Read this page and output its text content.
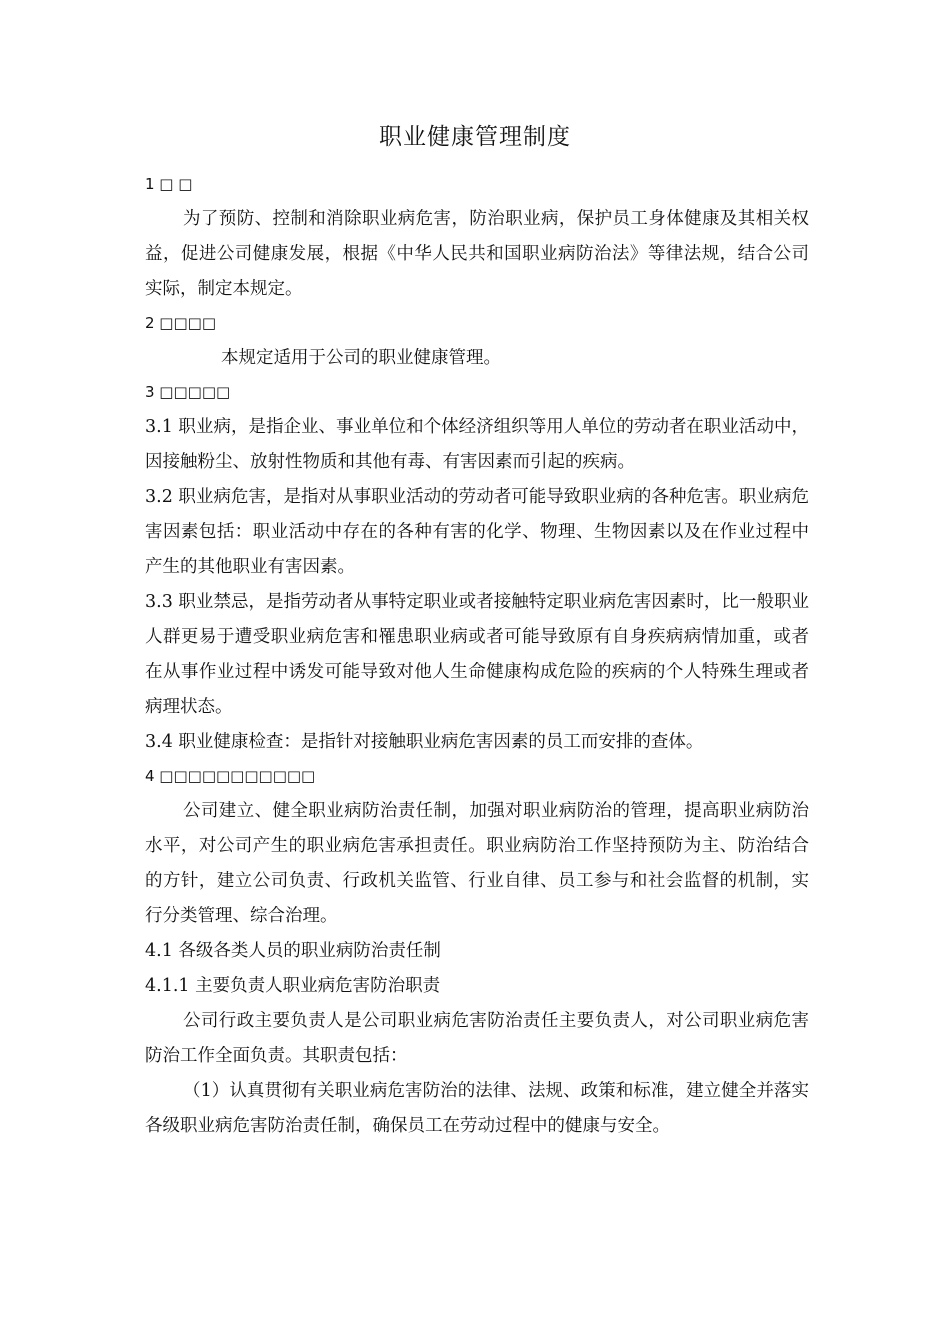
职业健康管理制度
1 □ □

为了预防、控制和消除职业病危害，防治职业病，保护员工身体健康及其相关权益，促进公司健康发展，根据《中华人民共和国职业病防治法》等律法规，结合公司实际，制定本规定。

2 □□□□

本规定适用于公司的职业健康管理。

3 □□□□□

3.1 职业病，是指企业、事业单位和个体经济组织等用人单位的劳动者在职业活动中，因接触粉尘、放射性物质和其他有毒、有害因素而引起的疾病。

3.2 职业病危害，是指对从事职业活动的劳动者可能导致职业病的各种危害。职业病危害因素包括：职业活动中存在的各种有害的化学、物理、生物因素以及在作业过程中产生的其他职业有害因素。

3.3 职业禁忌，是指劳动者从事特定职业或者接触特定职业病危害因素时，比一般职业人群更易于遭受职业病危害和罹患职业病或者可能导致原有自身疾病病情加重，或者在从事作业过程中诱发可能导致对他人生命健康构成危险的疾病的个人特殊生理或者病理状态。

3.4 职业健康检查：是指针对接触职业病危害因素的员工而安排的查体。

4 □□□□□□□□□□□

公司建立、健全职业病防治责任制，加强对职业病防治的管理，提高职业病防治水平，对公司产生的职业病危害承担责任。职业病防治工作坚持预防为主、防治结合的方针，建立公司负责、行政机关监管、行业自律、员工参与和社会监督的机制，实行分类管理、综合治理。

4.1 各级各类人员的职业病防治责任制

4.1.1 主要负责人职业病危害防治职责

公司行政主要负责人是公司职业病危害防治责任主要负责人，对公司职业病危害防治工作全面负责。其职责包括：

（1）认真贯彻有关职业病危害防治的法律、法规、政策和标准，建立健全并落实各级职业病危害防治责任制，确保员工在劳动过程中的健康与安全。
